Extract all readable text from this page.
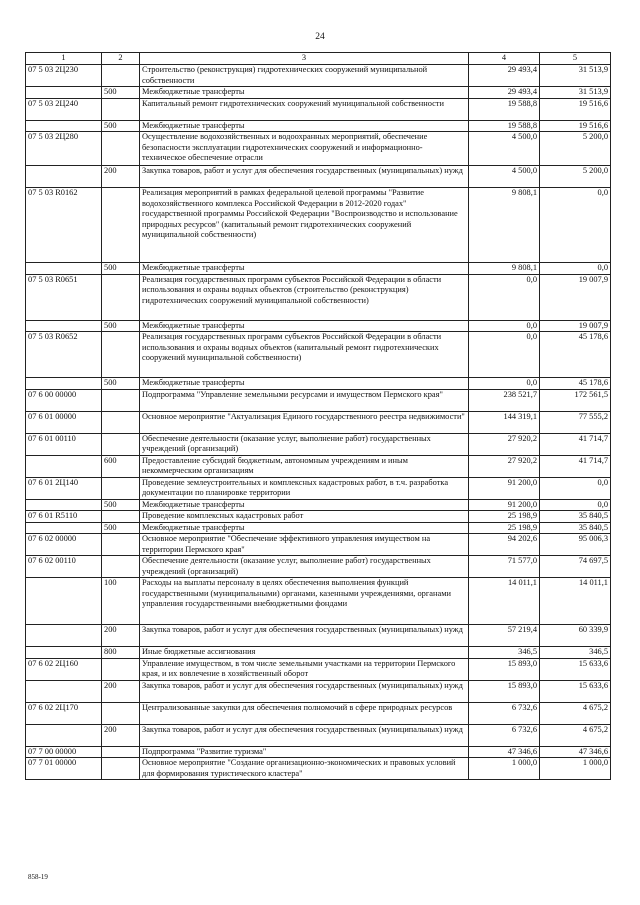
24
1	2	3	4	5
07 5 03 2Ц230		Строительство (реконструкция) гидротехнических сооружений муниципальной собственности	29 493,4	31 513,9
	500	Межбюджетные трансферты	29 493,4	31 513,9
07 5 03 2Ц240		Капитальный ремонт гидротехнических сооружений муниципальной собственности	19 588,8	19 516,6
	500	Межбюджетные трансферты	19 588,8	19 516,6
07 5 03 2Ц280		Осуществление водохозяйственных и водоохранных мероприятий, обеспечение безопасности эксплуатации гидротехнических сооружений и информационно-техническое обеспечение отрасли	4 500,0	5 200,0
	200	Закупка товаров, работ и услуг для обеспечения государственных (муниципальных) нужд	4 500,0	5 200,0
07 5 03 R0162		Реализация мероприятий в рамках федеральной целевой программы "Развитие водохозяйственного комплекса Российской Федерации в 2012-2020 годах" государственной программы Российской Федерации "Воспроизводство и использование природных ресурсов" (капитальный ремонт гидротехнических сооружений муниципальной собственности)	9 808,1	0,0
	500	Межбюджетные трансферты	9 808,1	0,0
07 5 03 R0651		Реализация государственных программ субъектов Российской Федерации в области использования и охраны водных объектов (строительство (реконструкция) гидротехнических сооружений муниципальной собственности)	0,0	19 007,9
	500	Межбюджетные трансферты	0,0	19 007,9
07 5 03 R0652		Реализация государственных программ субъектов Российской Федерации в области использования и охраны водных объектов (капитальный ремонт гидротехнических сооружений муниципальной собственности)	0,0	45 178,6
	500	Межбюджетные трансферты	0,0	45 178,6
07 6 00 00000		Подпрограмма "Управление земельными ресурсами и имуществом Пермского края"	238 521,7	172 561,5
07 6 01 00000		Основное мероприятие "Актуализация Единого государственного реестра недвижимости"	144 319,1	77 555,2
07 6 01 00110		Обеспечение деятельности (оказание услуг, выполнение работ) государственных учреждений (организаций)	27 920,2	41 714,7
	600	Предоставление субсидий бюджетным, автономным учреждениям и иным некоммерческим организациям	27 920,2	41 714,7
07 6 01 2Ц140		Проведение землеустроительных и комплексных кадастровых работ, в т.ч. разработка документации по планировке территории	91 200,0	0,0
	500	Межбюджетные трансферты	91 200,0	0,0
07 6 01 R5110		Проведение комплексных кадастровых работ	25 198,9	35 840,5
	500	Межбюджетные трансферты	25 198,9	35 840,5
07 6 02 00000		Основное мероприятие "Обеспечение эффективного управления имуществом на территории Пермского края"	94 202,6	95 006,3
07 6 02 00110		Обеспечение деятельности (оказание услуг, выполнение работ) государственных учреждений (организаций)	71 577,0	74 697,5
	100	Расходы на выплаты персоналу в целях обеспечения выполнения функций государственными (муниципальными) органами, казенными учреждениями, органами управления государственными внебюджетными фондами	14 011,1	14 011,1
	200	Закупка товаров, работ и услуг для обеспечения государственных (муниципальных) нужд	57 219,4	60 339,9
	800	Иные бюджетные ассигнования	346,5	346,5
07 6 02 2Ц160		Управление имуществом, в том числе земельными участками на территории Пермского края, и их вовлечение в хозяйственный оборот	15 893,0	15 633,6
	200	Закупка товаров, работ и услуг для обеспечения государственных (муниципальных) нужд	15 893,0	15 633,6
07 6 02 2Ц170		Централизованные закупки для обеспечения полномочий в сфере природных ресурсов	6 732,6	4 675,2
	200	Закупка товаров, работ и услуг для обеспечения государственных (муниципальных) нужд	6 732,6	4 675,2
07 7 00 00000		Подпрограмма "Развитие туризма"	47 346,6	47 346,6
07 7 01 00000		Основное мероприятие "Создание организационно-экономических и правовых условий для формирования туристического кластера"	1 000,0	1 000,0
858-19
